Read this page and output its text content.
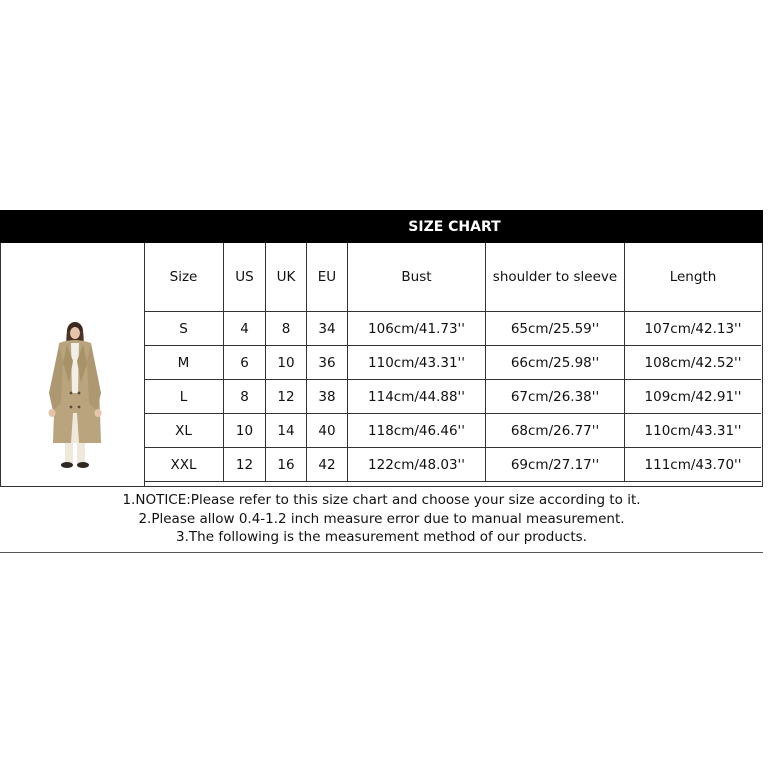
SIZE CHART
Size	US	UK	EU	Bust	shoulder to sleeve	Length
S	4	8	34	106cm/41.73''	65cm/25.59''	107cm/42.13''
M	6	10	36	110cm/43.31''	66cm/25.98''	108cm/42.52''
L	8	12	38	114cm/44.88''	67cm/26.38''	109cm/42.91''
XL	10	14	40	118cm/46.46''	68cm/26.77''	110cm/43.31''
XXL	12	16	42	122cm/48.03''	69cm/27.17''	111cm/43.70''
1.NOTICE:Please refer to this size chart and choose your size according to it.
2.Please allow 0.4-1.2 inch measure error due to manual measurement.
3.The following is the measurement method of our products.
